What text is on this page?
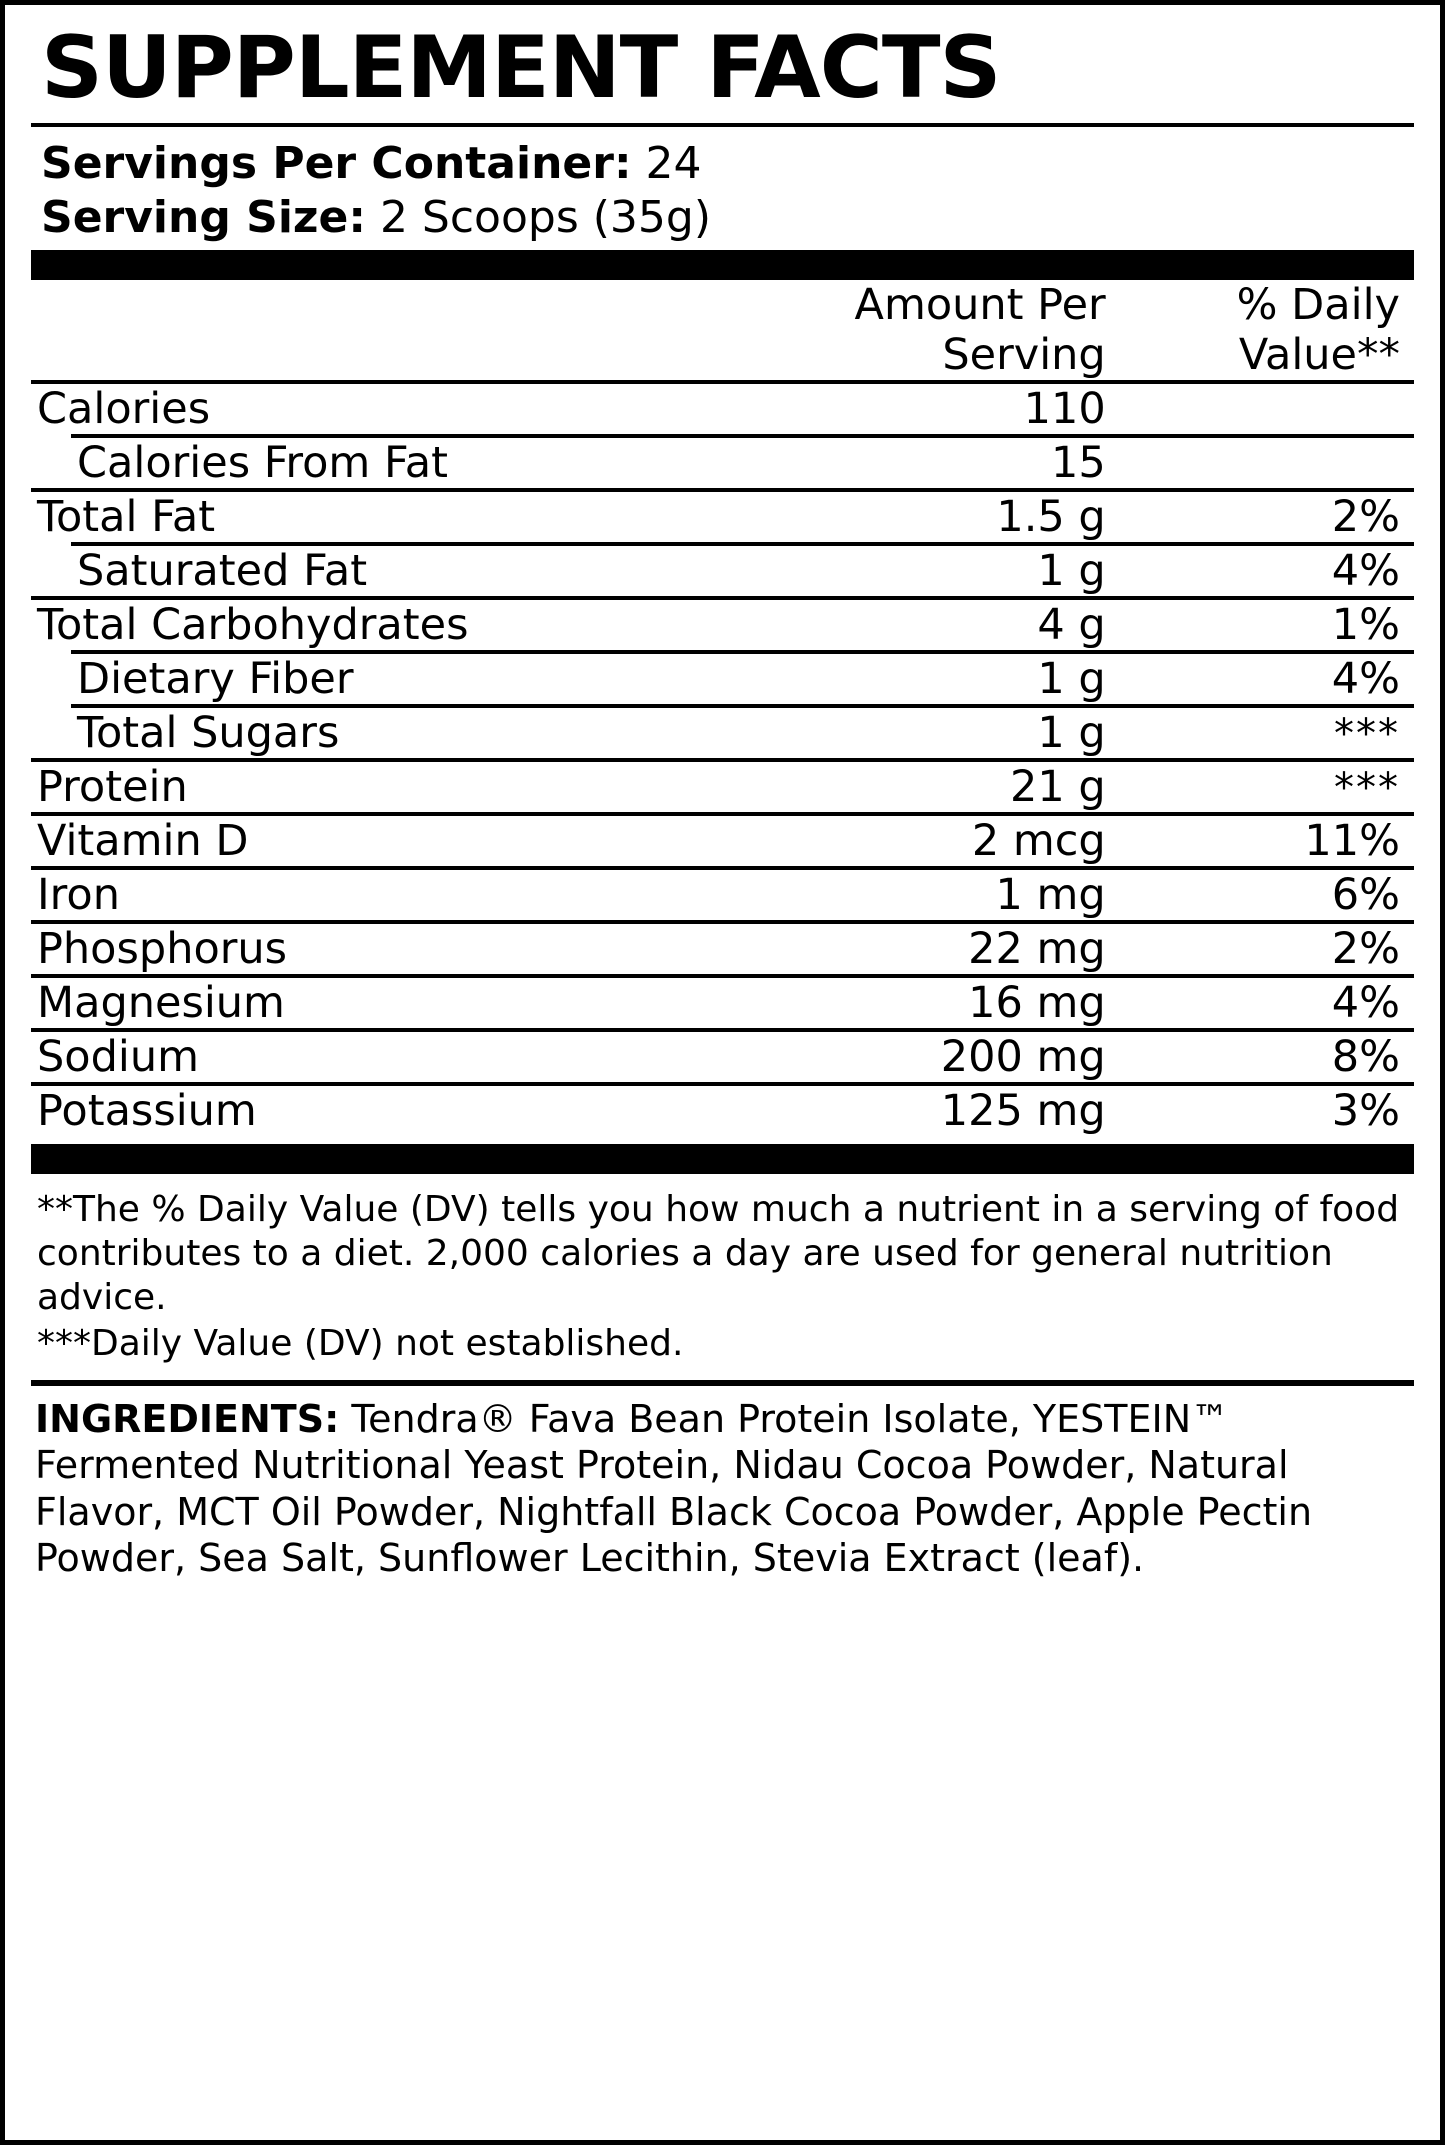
SUPPLEMENT FACTS
Servings Per Container: 24
Serving Size: 2 Scoops (35g)
	Amount Per Serving	% Daily Value**

Calories	110	

Calories From Fat	15	

Total Fat	1.5 g	2%

Saturated Fat	1 g	4%

Total Carbohydrates	4 g	1%

Dietary Fiber	1 g	4%

Total Sugars	1 g	***

Protein	21 g	***

Vitamin D	2 mcg	11%

Iron	1 mg	6%

Phosphorus	22 mg	2%

Magnesium	16 mg	4%

Sodium	200 mg	8%

Potassium	125 mg	3%

**The % Daily Value (DV) tells you how much a nutrient in a serving of food contributes to a diet. 2,000 calories a day are used for general nutrition advice.

***Daily Value (DV) not established.

INGREDIENTS: Tendra® Fava Bean Protein Isolate, YESTEIN™ Fermented Nutritional Yeast Protein, Nidau Cocoa Powder, Natural Flavor, MCT Oil Powder, Nightfall Black Cocoa Powder, Apple Pectin Powder, Sea Salt, Sunflower Lecithin, Stevia Extract (leaf).
